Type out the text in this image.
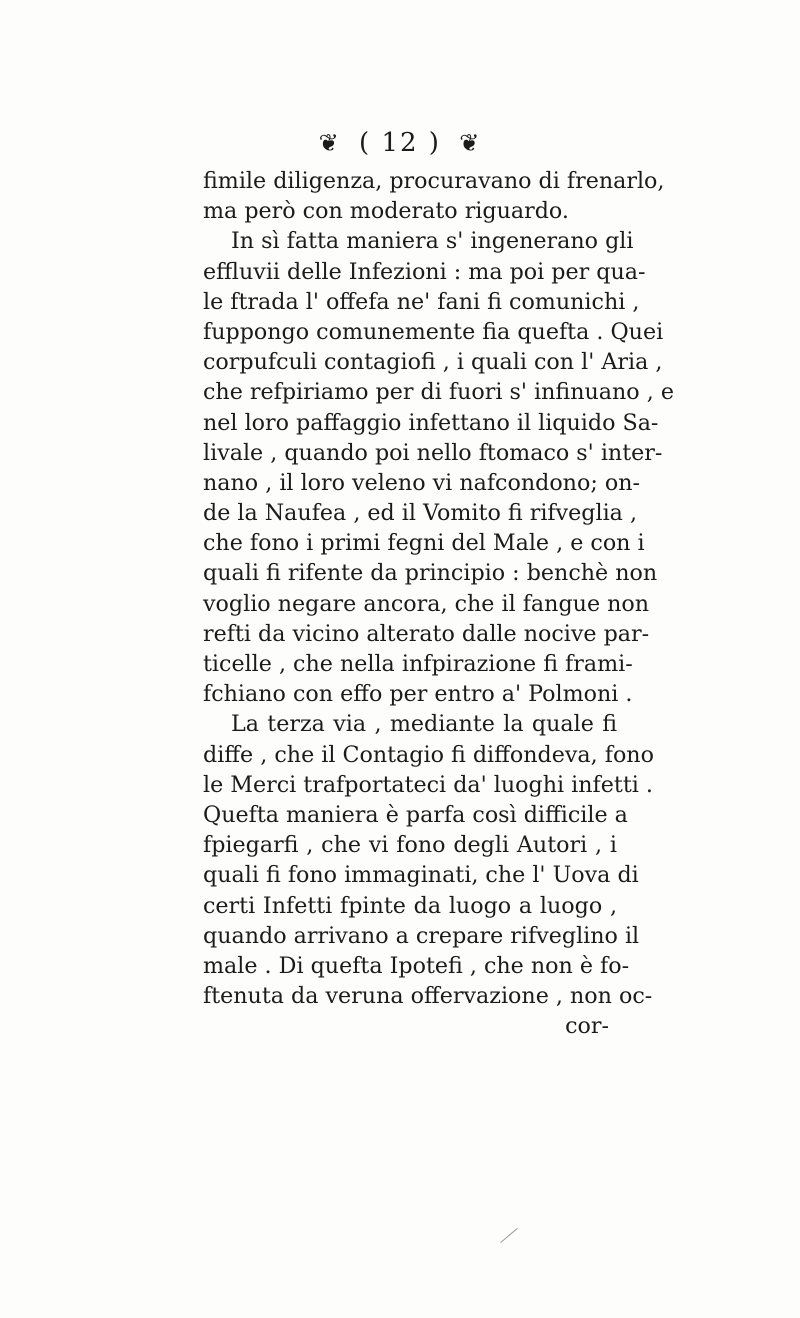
❦ ( 12 ) ❦
fimile diligenza, procuravano di frenarlo,
ma però con moderato riguardo.
In sì fatta maniera s' ingenerano gli
effluvii delle Infezioni : ma poi per qua-
le ftrada l' offefa ne' fani fi comunichi ,
fuppongo comunemente fia quefta . Quei
corpufculi contagiofi , i quali con l' Aria ,
che refpiriamo per di fuori s' infinuano , e
nel loro paffaggio infettano il liquido Sa-
livale , quando poi nello ftomaco s' inter-
nano , il loro veleno vi nafcondono; on-
de la Naufea , ed il Vomito fi rifveglia ,
che fono i primi fegni del Male , e con i
quali fi rifente da principio : benchè non
voglio negare ancora, che il fangue non
refti da vicino alterato dalle nocive par-
ticelle , che nella infpirazione fi frami-
fchiano con effo per entro a' Polmoni .
La terza via , mediante la quale fi
diffe , che il Contagio fi diffondeva, fono
le Merci trafportateci da' luoghi infetti .
Quefta maniera è parfa così difficile a
fpiegarfi , che vi fono degli Autori , i
quali fi fono immaginati, che l' Uova di
certi Infetti fpinte da luogo a luogo ,
quando arrivano a crepare rifveglino il
male . Di quefta Ipotefi , che non è fo-
ftenuta da veruna offervazione , non oc-
cor-
